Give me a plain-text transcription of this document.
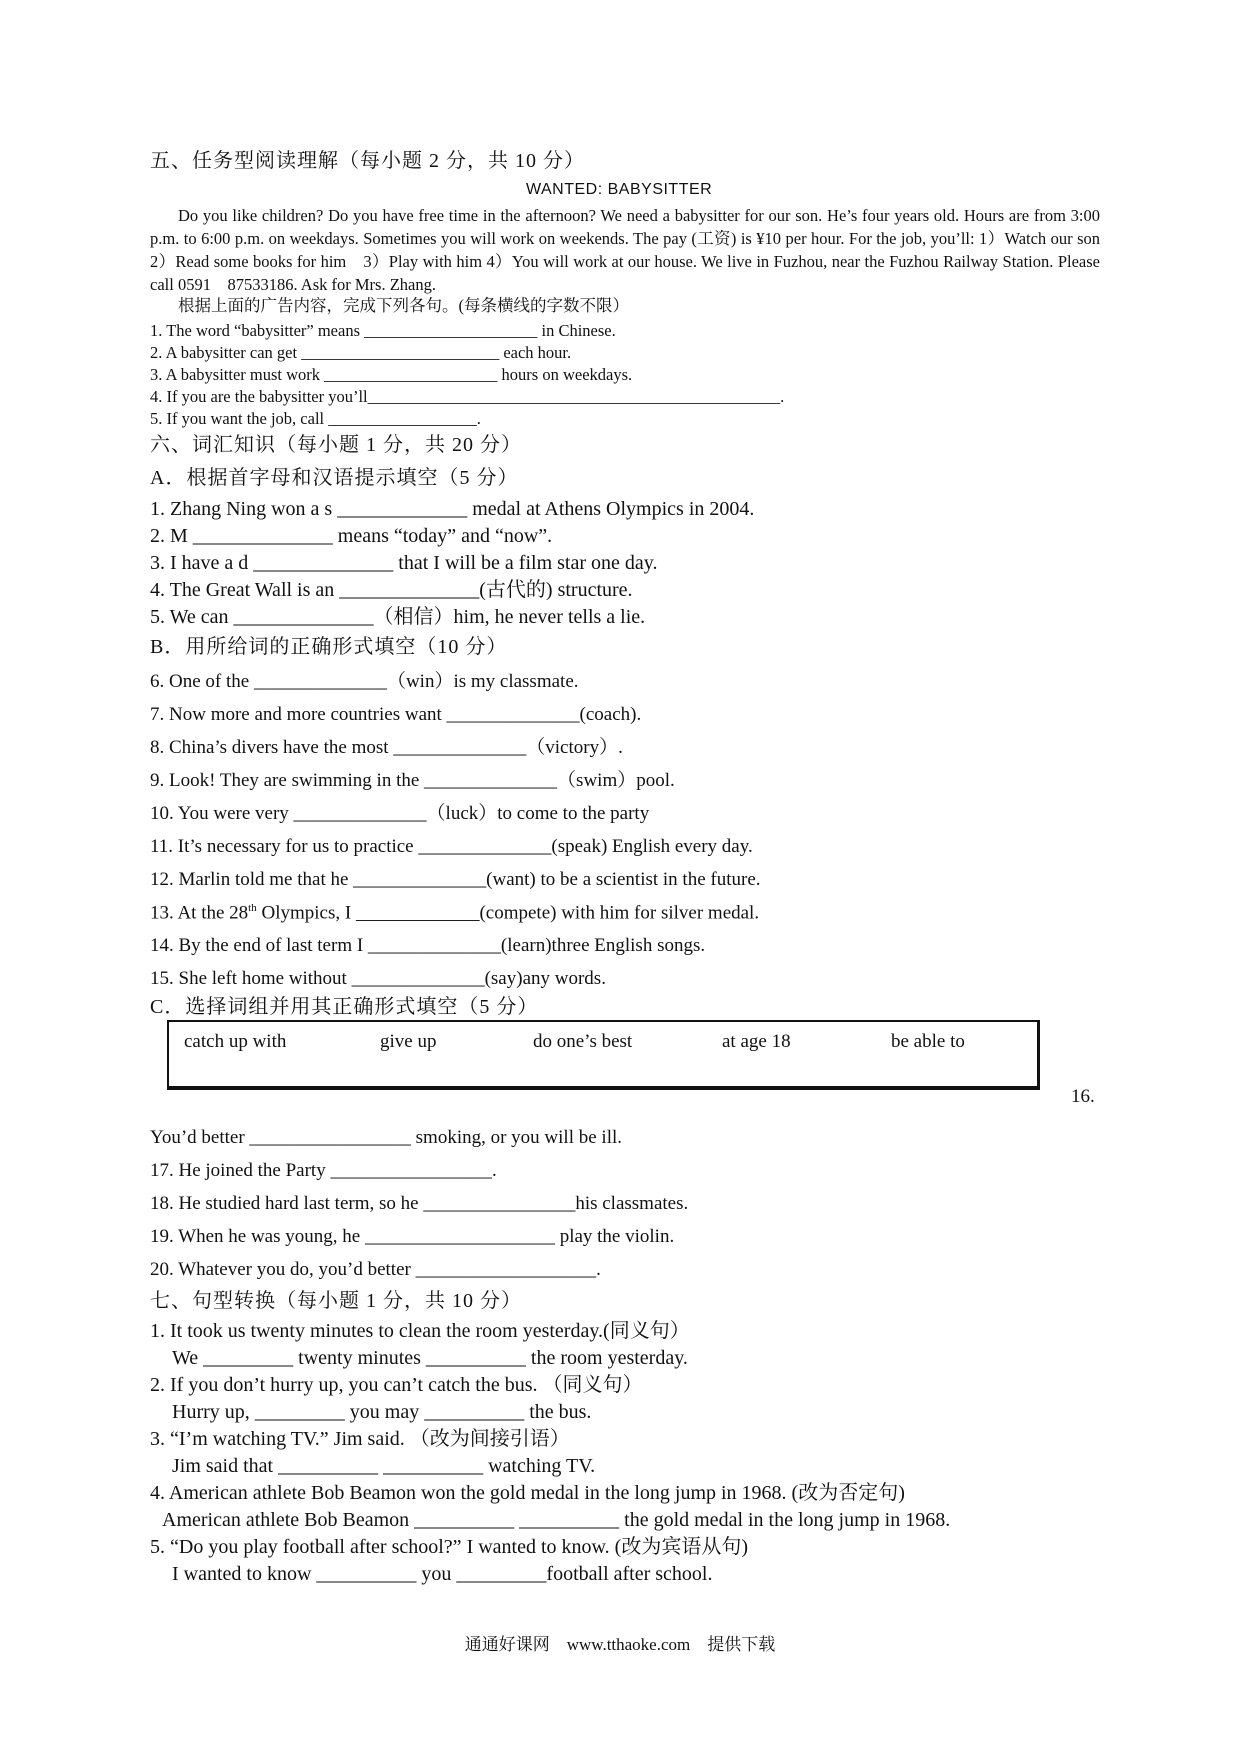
五、任务型阅读理解（每小题 2 分，共 10 分）
WANTED: BABYSITTER
Do you like children? Do you have free time in the afternoon? We need a babysitter for our son. He’s four years old. Hours are from 3:00 p.m. to 6:00 p.m. on weekdays. Sometimes you will work on weekends. The pay (工资) is ¥10 per hour. For the job, you’ll: 1）Watch our son　2）Read some books for him　3）Play with him 4）You will work at our house. We live in Fuzhou, near the Fuzhou Railway Station. Please call 0591　87533186. Ask for Mrs. Zhang.
根据上面的广告内容，完成下列各句。(每条横线的字数不限）
1. The word “babysitter” means _____________________ in Chinese.
2. A babysitter can get ________________________ each hour.
3. A babysitter must work _____________________ hours on weekdays.
4. If you are the babysitter you’ll__________________________________________________.
5. If you want the job, call __________________.
六、词汇知识（每小题 1 分，共 20 分）
A．根据首字母和汉语提示填空（5 分）
1. Zhang Ning won a s _____________ medal at Athens Olympics in 2004.
2. M ______________ means “today” and “now”.
3. I have a d ______________ that I will be a film star one day.
4. The Great Wall is an ______________(古代的) structure.
5. We can ______________（相信）him, he never tells a lie.
B．用所给词的正确形式填空（10 分）
6. One of the ______________（win）is my classmate.
7. Now more and more countries want ______________(coach).
8. China’s divers have the most ______________（victory）.
9. Look! They are swimming in the ______________（swim）pool.
10. You were very ______________（luck）to come to the party
11. It’s necessary for us to practice ______________(speak) English every day.
12. Marlin told me that he ______________(want) to be a scientist in the future.
13. At the 28th Olympics, I _____________(compete) with him for silver medal.
14. By the end of last term I ______________(learn)three English songs.
15. She left home without ______________(say)any words.
C．选择词组并用其正确形式填空（5 分）
catch up with	give up	do one’s best	at age 18	be able to
16.
You’d better _________________ smoking, or you will be ill.
17. He joined the Party _________________.
18. He studied hard last term, so he ________________his classmates.
19. When he was young, he ____________________ play the violin.
20. Whatever you do, you’d better ___________________.
七、句型转换（每小题 1 分，共 10 分）
1. It took us twenty minutes to clean the room yesterday.(同义句）
We _________ twenty minutes __________ the room yesterday.
2. If you don’t hurry up, you can’t catch the bus. （同义句）
Hurry up, _________ you may __________ the bus.
3. “I’m watching TV.” Jim said. （改为间接引语）
Jim said that __________ __________ watching TV.
4. American athlete Bob Beamon won the gold medal in the long jump in 1968. (改为否定句)
American athlete Bob Beamon __________ __________ the gold medal in the long jump in 1968.
5. “Do you play football after school?” I wanted to know. (改为宾语从句)
I wanted to know __________ you _________football after school.
通通好课网　www.tthaoke.com　提供下载
